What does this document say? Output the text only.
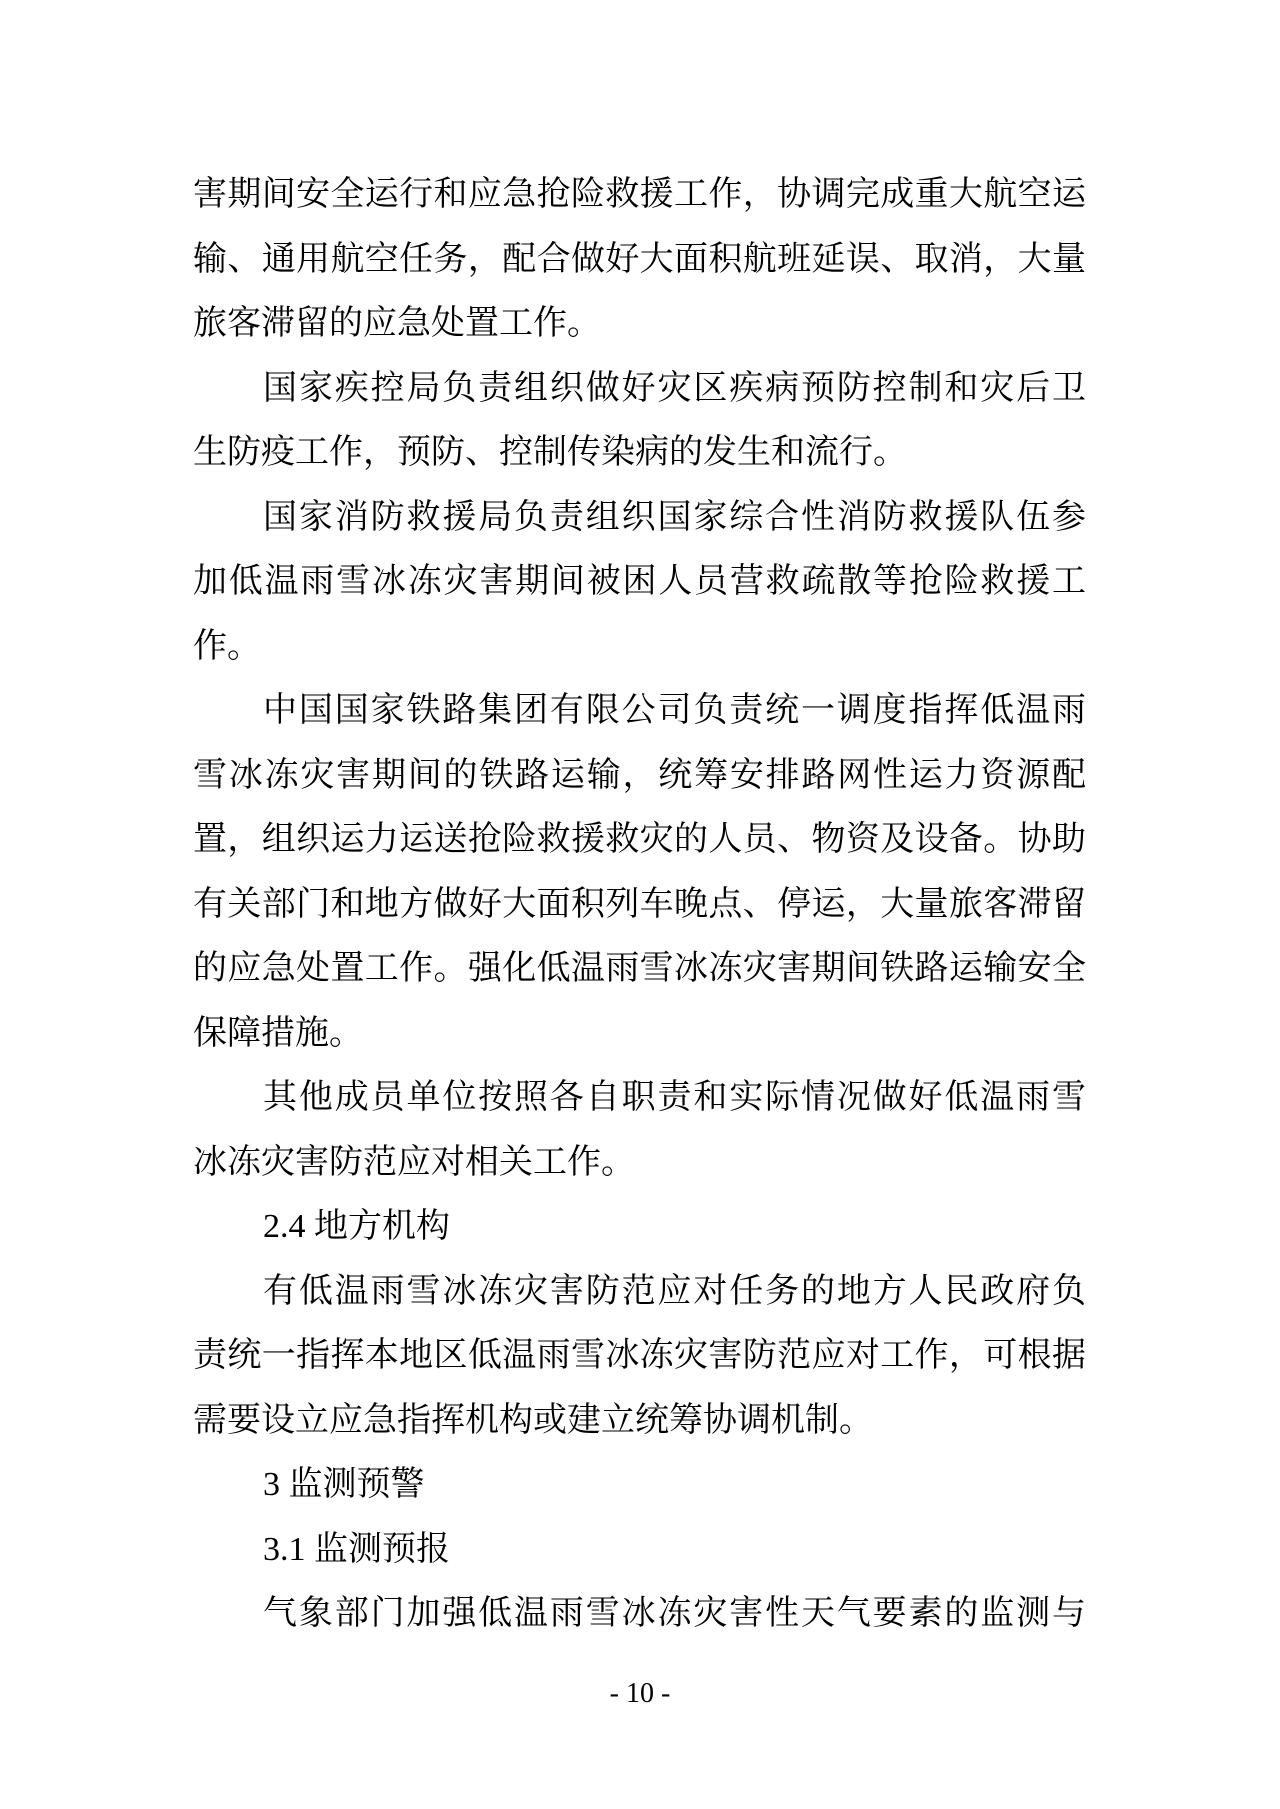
害期间安全运行和应急抢险救援工作，协调完成重大航空运
输、通用航空任务，配合做好大面积航班延误、取消，大量
旅客滞留的应急处置工作。
国家疾控局负责组织做好灾区疾病预防控制和灾后卫
生防疫工作，预防、控制传染病的发生和流行。
国家消防救援局负责组织国家综合性消防救援队伍参
加低温雨雪冰冻灾害期间被困人员营救疏散等抢险救援工
作。
中国国家铁路集团有限公司负责统一调度指挥低温雨
雪冰冻灾害期间的铁路运输，统筹安排路网性运力资源配
置，组织运力运送抢险救援救灾的人员、物资及设备。协助
有关部门和地方做好大面积列车晚点、停运，大量旅客滞留
的应急处置工作。强化低温雨雪冰冻灾害期间铁路运输安全
保障措施。
其他成员单位按照各自职责和实际情况做好低温雨雪
冰冻灾害防范应对相关工作。
2.4 地方机构
有低温雨雪冰冻灾害防范应对任务的地方人民政府负
责统一指挥本地区低温雨雪冰冻灾害防范应对工作，可根据
需要设立应急指挥机构或建立统筹协调机制。
3 监测预警
3.1 监测预报
气象部门加强低温雨雪冰冻灾害性天气要素的监测与
- 10 -
